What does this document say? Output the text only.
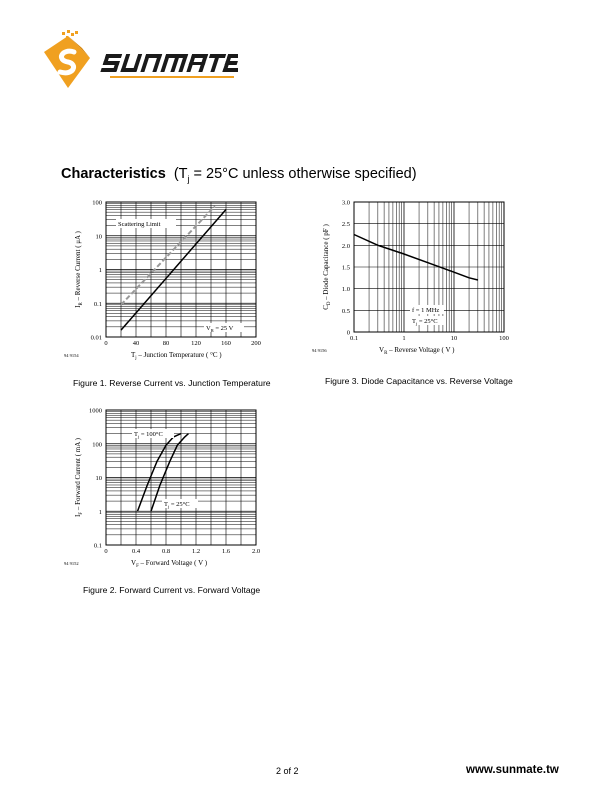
SUNMATE
Characteristics ($T_j = 25^\circ C$ unless otherwise specified)
0	40	80	120	160	200
0.01
0.1
1
10
100
$T_j$ – Junction Temperature ( °C )
$I_R$ – Reverse Current ( μA )
94 9154
Scattering Limit
$V_R = 25$ V
Figure 1. Reverse Current vs. Junction Temperature
0.1	1	10	100
0
0.5
1.0
1.5
2.0
2.5
3.0
$V_R$ – Reverse Voltage ( V )
$C_D$ – Diode Capacitance ( pF )
94 9156
f = 1 MHz
$T_j = 25^\circ C$
Figure 3. Diode Capacitance vs. Reverse Voltage
0	0.4	0.8	1.2	1.6	2.0
0.1
1
10
100
1000
$V_F$ – Forward Voltage ( V )
$I_F$ – Forward Current ( mA )
94 9152
$T_j = 100^\circ C$
$T_j = 25^\circ C$
Figure 2. Forward Current vs. Forward Voltage
2 of 2	www.sunmate.tw
